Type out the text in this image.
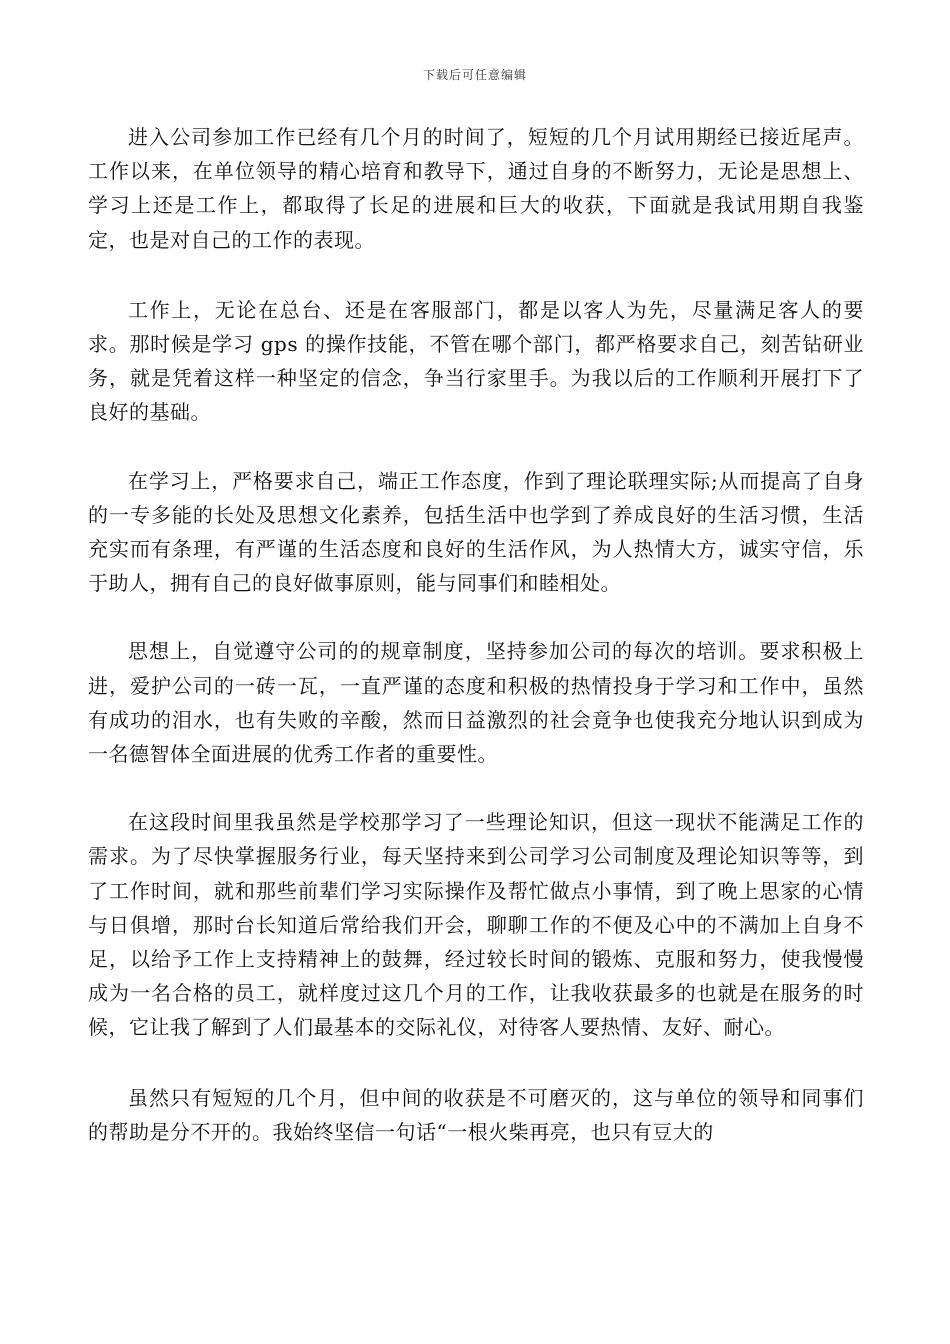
下载后可任意编辑

进入公司参加工作已经有几个月的时间了，短短的几个月试用期经已接近尾声。工作以来，在单位领导的精心培育和教导下，通过自身的不断努力，无论是思想上、学习上还是工作上，都取得了长足的进展和巨大的收获，下面就是我试用期自我鉴定，也是对自己的工作的表现。

工作上，无论在总台、还是在客服部门，都是以客人为先，尽量满足客人的要求。那时候是学习 gps 的操作技能，不管在哪个部门，都严格要求自己，刻苦钻研业务，就是凭着这样一种坚定的信念，争当行家里手。为我以后的工作顺利开展打下了良好的基础。

在学习上，严格要求自己，端正工作态度，作到了理论联理实际;从而提高了自身的一专多能的长处及思想文化素养，包括生活中也学到了养成良好的生活习惯，生活充实而有条理，有严谨的生活态度和良好的生活作风，为人热情大方，诚实守信，乐于助人，拥有自己的良好做事原则，能与同事们和睦相处。

思想上，自觉遵守公司的的规章制度，坚持参加公司的每次的培训。要求积极上进，爱护公司的一砖一瓦，一直严谨的态度和积极的热情投身于学习和工作中，虽然有成功的泪水，也有失败的辛酸，然而日益激烈的社会竟争也使我充分地认识到成为一名德智体全面进展的优秀工作者的重要性。

在这段时间里我虽然是学校那学习了一些理论知识，但这一现状不能满足工作的需求。为了尽快掌握服务行业，每天坚持来到公司学习公司制度及理论知识等等，到了工作时间，就和那些前辈们学习实际操作及帮忙做点小事情，到了晚上思家的心情与日俱增，那时台长知道后常给我们开会，聊聊工作的不便及心中的不满加上自身不足，以给予工作上支持精神上的鼓舞，经过较长时间的锻炼、克服和努力，使我慢慢成为一名合格的员工，就样度过这几个月的工作，让我收获最多的也就是在服务的时候，它让我了解到了人们最基本的交际礼仪，对待客人要热情、友好、耐心。

虽然只有短短的几个月，但中间的收获是不可磨灭的，这与单位的领导和同事们的帮助是分不开的。我始终坚信一句话“一根火柴再亮，也只有豆大的
